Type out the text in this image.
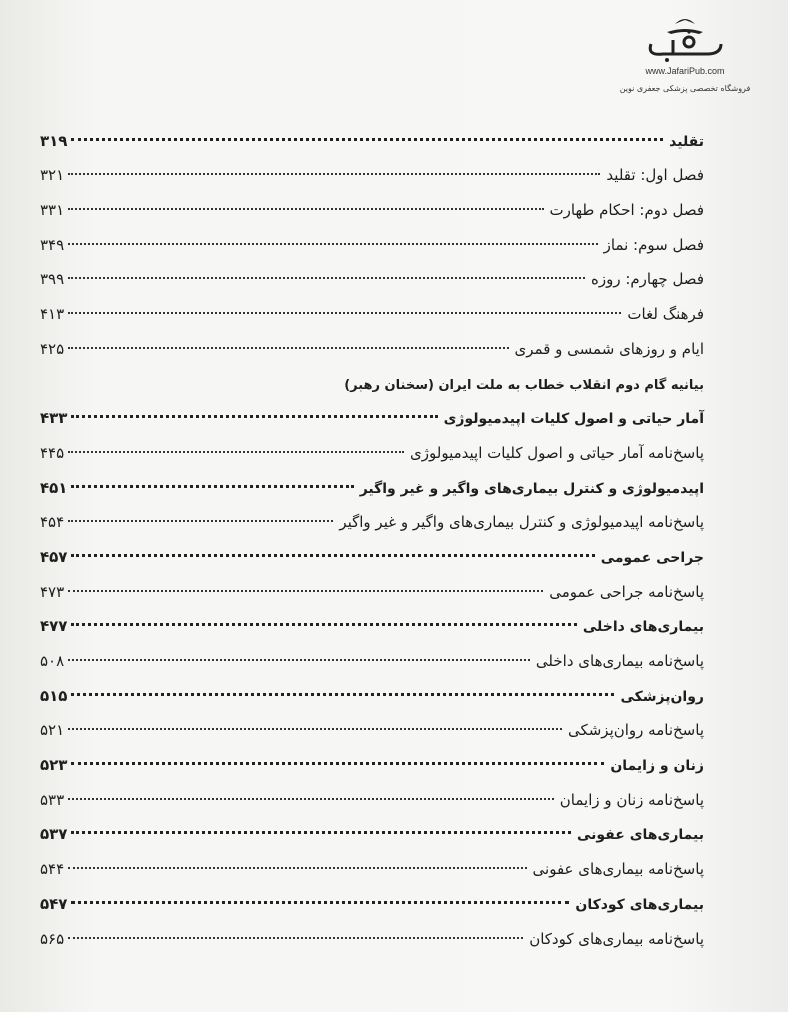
www.JafariPub.com
فروشگاه تخصصی پزشکی جعفری نوین
تقلید
۳۱۹
فصل اول: تقلید
۳۲۱
فصل دوم: احکام طهارت
۳۳۱
فصل سوم: نماز
۳۴۹
فصل چهارم: روزه
۳۹۹
فرهنگ لغات
۴۱۳
ایام و روزهای شمسی و قمری
۴۲۵
بیانیه گام دوم انقلاب خطاب به ملت ایران (سخنان رهبر)
آمار حیاتی و اصول کلیات اپیدمیولوژی
۴۳۳
پاسخ‌نامه آمار حیاتی و اصول کلیات اپیدمیولوژی
۴۴۵
اپیدمیولوژی و کنترل بیماری‌های واگیر و غیر واگیر
۴۵۱
پاسخ‌نامه اپیدمیولوژی و کنترل بیماری‌های واگیر و غیر واگیر
۴۵۴
جراحی عمومی
۴۵۷
پاسخ‌نامه جراحی عمومی
۴۷۳
بیماری‌های داخلی
۴۷۷
پاسخ‌نامه بیماری‌های داخلی
۵۰۸
روان‌پزشکی
۵۱۵
پاسخ‌نامه روان‌پزشکی
۵۲۱
زنان و زایمان
۵۲۳
پاسخ‌نامه زنان و زایمان
۵۳۳
بیماری‌های عفونی
۵۳۷
پاسخ‌نامه بیماری‌های عفونی
۵۴۴
بیماری‌های کودکان
۵۴۷
پاسخ‌نامه بیماری‌های کودکان
۵۶۵
